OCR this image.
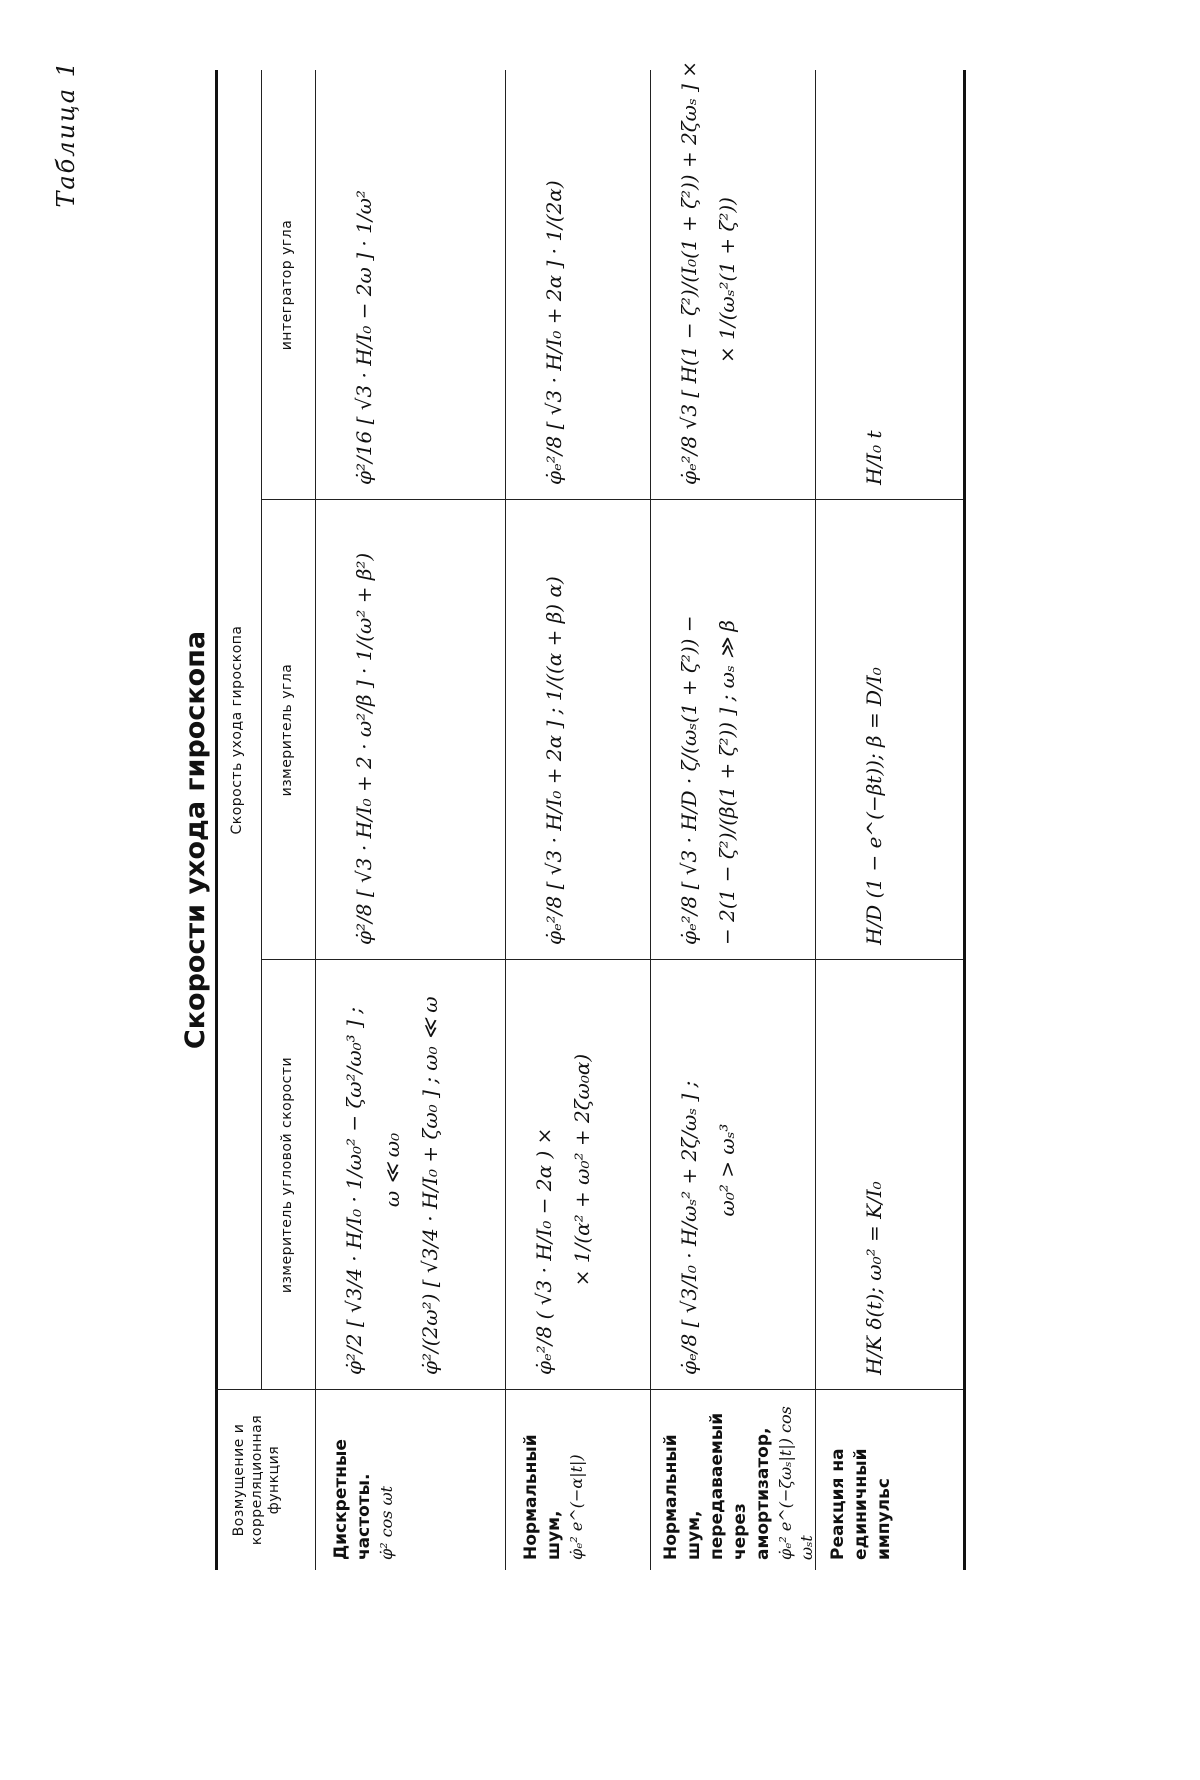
Таблица 1
Скорости ухода гироскопа
Возмущение и корреляционная функция
Скорость ухода гироскопа
измеритель угловой скорости
измеритель угла
интегратор угла
Дискретные частоты. φ̇² cos ωt
φ̇²/2 [ √3/4 · H/I₀ · 1/ω₀² − ζω²/ω₀³ ] ; ω ≪ ω₀ φ̇²/(2ω²) [ √3/4 · H/I₀ + ζω₀ ] ; ω₀ ≪ ω
φ̇²/8 [ √3 · H/I₀ + 2 · ω²/β ] · 1/(ω² + β²)
φ̇²/16 [ √3 · H/I₀ − 2ω ] · 1/ω²
Нормальный шум, φ̇ₑ² e^(−α|t|)
φ̇ₑ²/8 ( √3 · H/I₀ − 2α ) × × 1/(α² + ω₀² + 2ζω₀α)
φ̇ₑ²/8 [ √3 · H/I₀ + 2α ] ; 1/((α + β) α)
φ̇ₑ²/8 [ √3 · H/I₀ + 2α ] · 1/(2α)
Нормальный шум, передаваемый через амортизатор, φ̇ₑ² e^(−ζωₛ|t|) cos ωₛt
φ̇ₑ/8 [ √3/I₀ · H/ωₛ² + 2ζ/ωₛ ] ; ω₀² > ωₛ³
φ̇ₑ²/8 [ √3 · H/D · ζ/(ωₛ(1 + ζ²)) − − 2(1 − ζ²)/(β(1 + ζ²)) ] ; ωₛ ≫ β
φ̇ₑ²/8 √3 [ H(1 − ζ²)/(I₀(1 + ζ²)) + 2ζωₛ ] × × 1/(ωₛ²(1 + ζ²))
Реакция на единичный импульс
H/K δ(t); ω₀² = K/I₀
H/D (1 − e^(−βt)); β = D/I₀
H/I₀ t
